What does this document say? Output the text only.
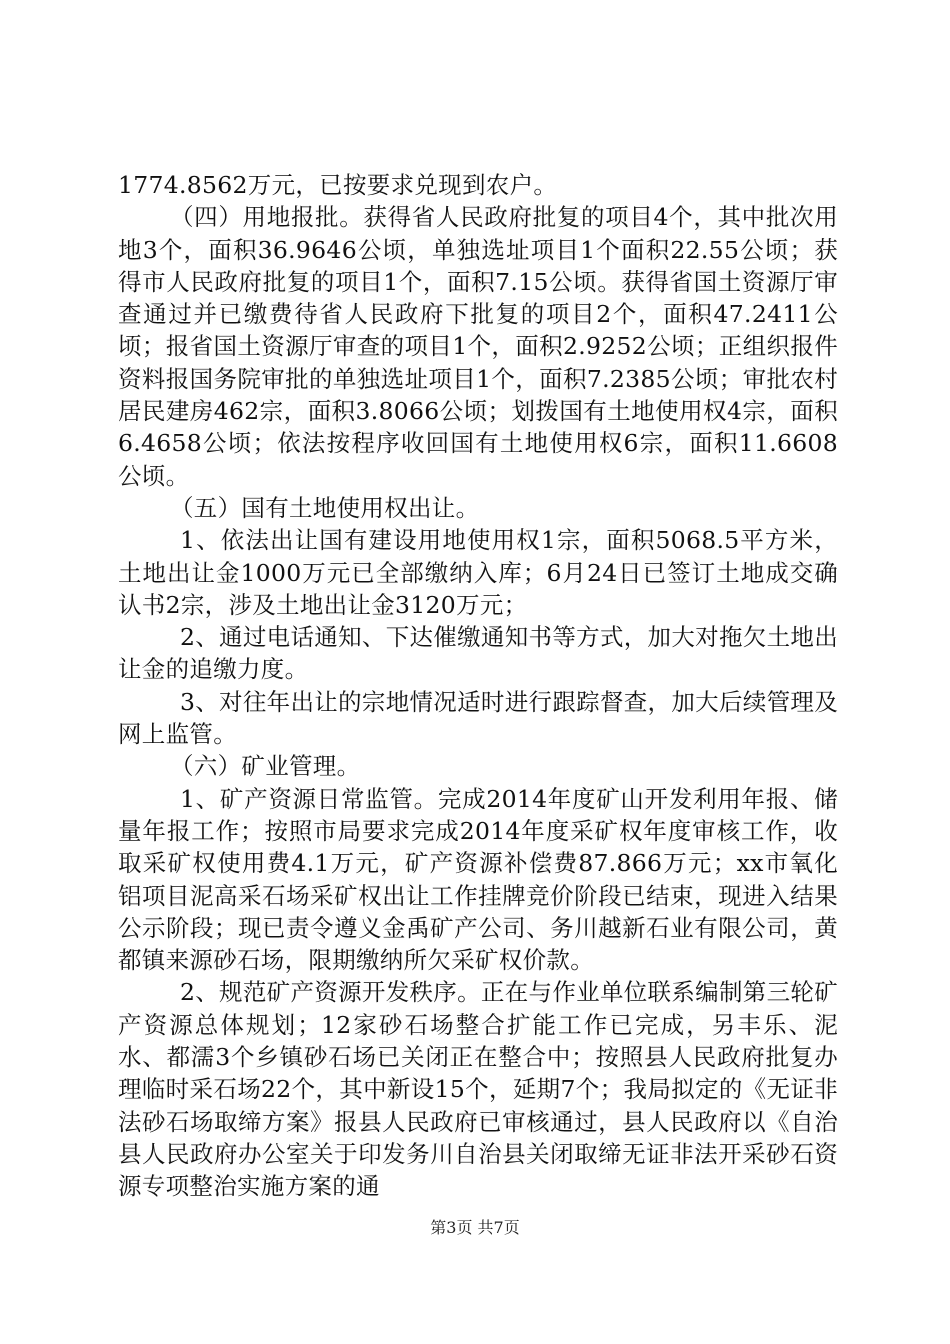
1774.8562万元，已按要求兑现到农户。

（四）用地报批。获得省人民政府批复的项目4个，其中批次用地3个，面积36.9646公顷，单独选址项目1个面积22.55公顷；获得市人民政府批复的项目1个，面积7.15公顷。获得省国土资源厅审查通过并已缴费待省人民政府下批复的项目2个，面积47.2411公顷；报省国土资源厅审查的项目1个，面积2.9252公顷；正组织报件资料报国务院审批的单独选址项目1个，面积7.2385公顷；审批农村居民建房462宗，面积3.8066公顷；划拨国有土地使用权4宗，面积6.4658公顷；依法按程序收回国有土地使用权6宗，面积11.6608公顷。

（五）国有土地使用权出让。

1、依法出让国有建设用地使用权1宗，面积5068.5平方米，土地出让金1000万元已全部缴纳入库；6月24日已签订土地成交确认书2宗，涉及土地出让金3120万元；

2、通过电话通知、下达催缴通知书等方式，加大对拖欠土地出让金的追缴力度。

3、对往年出让的宗地情况适时进行跟踪督查，加大后续管理及网上监管。

（六）矿业管理。

1、矿产资源日常监管。完成2014年度矿山开发利用年报、储量年报工作；按照市局要求完成2014年度采矿权年度审核工作，收取采矿权使用费4.1万元，矿产资源补偿费87.866万元；xx市氧化铝项目泥高采石场采矿权出让工作挂牌竞价阶段已结束，现进入结果公示阶段；现已责令遵义金禹矿产公司、务川越新石业有限公司，黄都镇来源砂石场，限期缴纳所欠采矿权价款。

2、规范矿产资源开发秩序。正在与作业单位联系编制第三轮矿产资源总体规划；12家砂石场整合扩能工作已完成，另丰乐、泥水、都濡3个乡镇砂石场已关闭正在整合中；按照县人民政府批复办理临时采石场22个，其中新设15个，延期7个；我局拟定的《无证非法砂石场取缔方案》报县人民政府已审核通过，县人民政府以《自治县人民政府办公室关于印发务川自治县关闭取缔无证非法开采砂石资源专项整治实施方案的通

第3页 共7页
